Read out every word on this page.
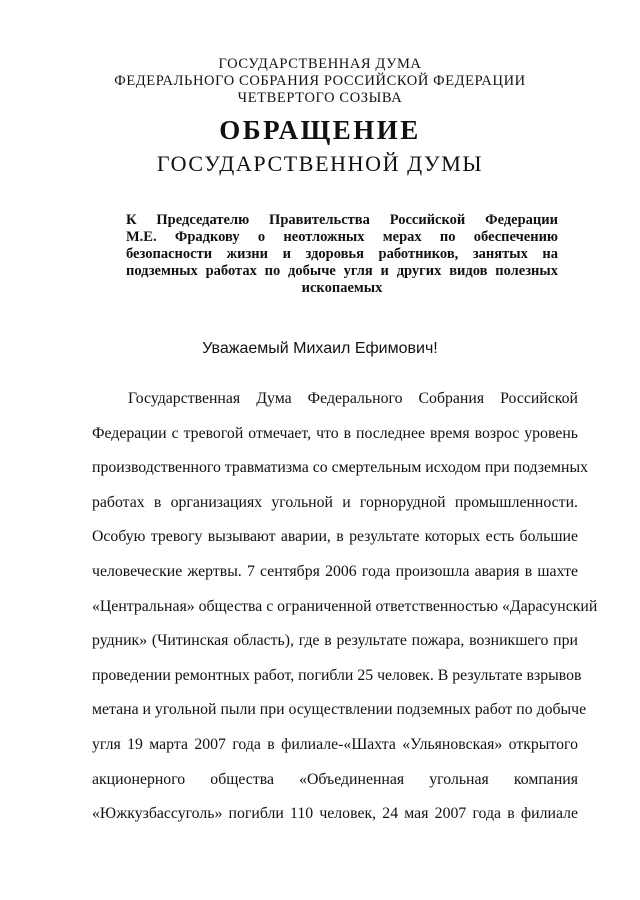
ГОСУДАРСТВЕННАЯ ДУМА
ФЕДЕРАЛЬНОГО СОБРАНИЯ РОССИЙСКОЙ ФЕДЕРАЦИИ
ЧЕТВЕРТОГО СОЗЫВА
ОБРАЩЕНИЕ
ГОСУДАРСТВЕННОЙ ДУМЫ
К Председателю Правительства Российской Федерации
М.Е. Фрадкову о неотложных мерах по обеспечению
безопасности жизни и здоровья работников, занятых на
подземных работах по добыче угля и других видов полезных
ископаемых
Уважаемый Михаил Ефимович!
Государственная Дума Федерального Собрания Российской
Федерации с тревогой отмечает, что в последнее время возрос уровень
производственного травматизма со смертельным исходом при подземных
работах в организациях угольной и горнорудной промышленности.
Особую тревогу вызывают аварии, в результате которых есть большие
человеческие жертвы. 7 сентября 2006 года произошла авария в шахте
«Центральная» общества с ограниченной ответственностью «Дарасунский
рудник» (Читинская область), где в результате пожара, возникшего при
проведении ремонтных работ, погибли 25 человек. В результате взрывов
метана и угольной пыли при осуществлении подземных работ по добыче
угля 19 марта 2007 года в филиале-«Шахта «Ульяновская» открытого
акционерного общества «Объединенная угольная компания
«Южкузбассуголь» погибли 110 человек, 24 мая 2007 года в филиале
